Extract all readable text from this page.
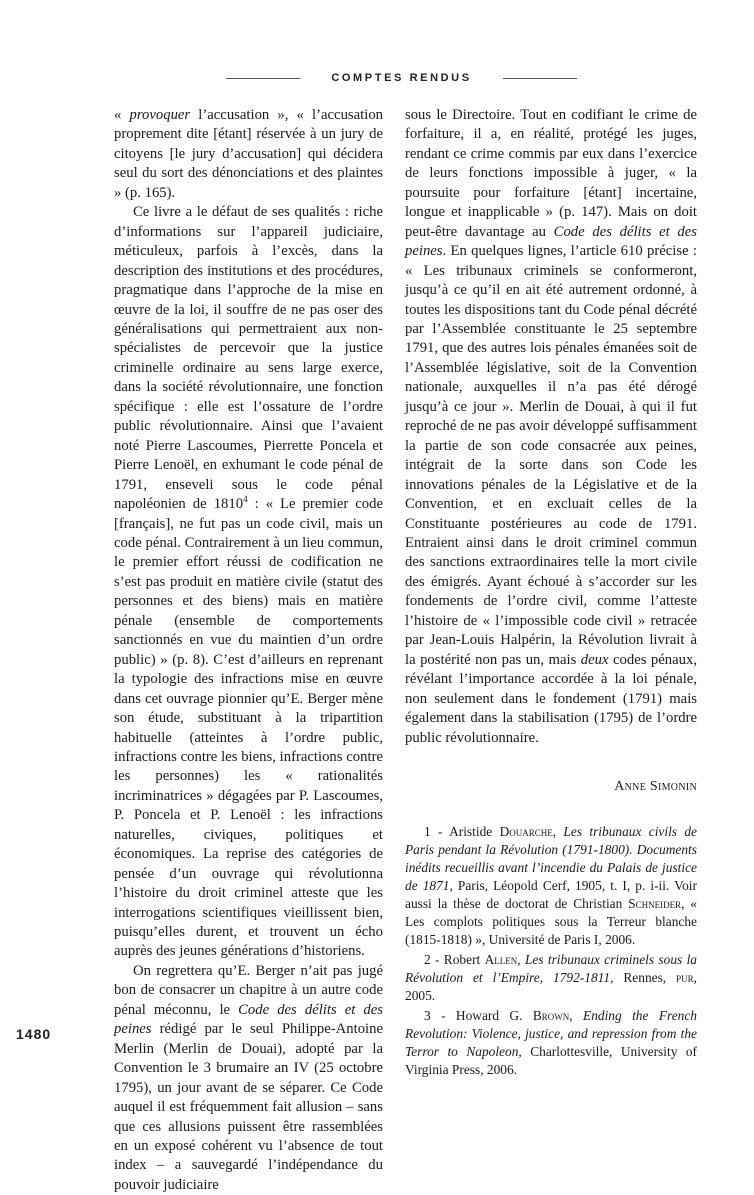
COMPTES RENDUS

« provoquer l’accusation », « l’accusation proprement dite [étant] réservée à un jury de citoyens [le jury d’accusation] qui décidera seul du sort des dénonciations et des plaintes » (p. 165).

Ce livre a le défaut de ses qualités : riche d’informations sur l’appareil judiciaire, méticuleux, parfois à l’excès, dans la description des institutions et des procédures, pragmatique dans l’approche de la mise en œuvre de la loi, il souffre de ne pas oser des généralisations qui permettraient aux non-spécialistes de percevoir que la justice criminelle ordinaire au sens large exerce, dans la société révolutionnaire, une fonction spécifique : elle est l’ossature de l’ordre public révolutionnaire. Ainsi que l’avaient noté Pierre Lascoumes, Pierrette Poncela et Pierre Lenoël, en exhumant le code pénal de 1791, enseveli sous le code pénal napoléonien de 1810$^4$ : « Le premier code [français], ne fut pas un code civil, mais un code pénal. Contrairement à un lieu commun, le premier effort réussi de codification ne s’est pas produit en matière civile (statut des personnes et des biens) mais en matière pénale (ensemble de comportements sanctionnés en vue du maintien d’un ordre public) » (p. 8). C’est d’ailleurs en reprenant la typologie des infractions mise en œuvre dans cet ouvrage pionnier qu’E. Berger mène son étude, substituant à la tripartition habituelle (atteintes à l’ordre public, infractions contre les biens, infractions contre les personnes) les « rationalités incriminatrices » dégagées par P. Lascoumes, P. Poncela et P. Lenoël : les infractions naturelles, civiques, politiques et économiques. La reprise des catégories de pensée d’un ouvrage qui révolutionna l’histoire du droit criminel atteste que les interrogations scientifiques vieillissent bien, puisqu’elles durent, et trouvent un écho auprès des jeunes générations d’historiens.

On regrettera qu’E. Berger n’ait pas jugé bon de consacrer un chapitre à un autre code pénal méconnu, le Code des délits et des peines rédigé par le seul Philippe-Antoine Merlin (Merlin de Douai), adopté par la Convention le 3 brumaire an IV (25 octobre 1795), un jour avant de se séparer. Ce Code auquel il est fréquemment fait allusion – sans que ces allusions puissent être rassemblées en un exposé cohérent vu l’absence de tout index – a sauvegardé l’indépendance du pouvoir judiciaire

sous le Directoire. Tout en codifiant le crime de forfaiture, il a, en réalité, protégé les juges, rendant ce crime commis par eux dans l’exercice de leurs fonctions impossible à juger, « la poursuite pour forfaiture [étant] incertaine, longue et inapplicable » (p. 147). Mais on doit peut-être davantage au Code des délits et des peines. En quelques lignes, l’article 610 précise : « Les tribunaux criminels se conformeront, jusqu’à ce qu’il en ait été autrement ordonné, à toutes les dispositions tant du Code pénal décrété par l’Assemblée constituante le 25 septembre 1791, que des autres lois pénales émanées soit de l’Assemblée législative, soit de la Convention nationale, auxquelles il n’a pas été dérogé jusqu’à ce jour ». Merlin de Douai, à qui il fut reproché de ne pas avoir développé suffisamment la partie de son code consacrée aux peines, intégrait de la sorte dans son Code les innovations pénales de la Législative et de la Convention, et en excluait celles de la Constituante postérieures au code de 1791. Entraient ainsi dans le droit criminel commun des sanctions extraordinaires telle la mort civile des émigrés. Ayant échoué à s’accorder sur les fondements de l’ordre civil, comme l’atteste l’histoire de « l’impossible code civil » retracée par Jean-Louis Halpérin, la Révolution livrait à la postérité non pas un, mais deux codes pénaux, révélant l’importance accordée à la loi pénale, non seulement dans le fondement (1791) mais également dans la stabilisation (1795) de l’ordre public révolutionnaire.

Anne Simonin

1 - Aristide Douarche, Les tribunaux civils de Paris pendant la Révolution (1791-1800). Documents inédits recueillis avant l’incendie du Palais de justice de 1871, Paris, Léopold Cerf, 1905, t. I, p. i-ii. Voir aussi la thèse de doctorat de Christian Schneider, « Les complots politiques sous la Terreur blanche (1815-1818) », Université de Paris I, 2006.

2 - Robert Allen, Les tribunaux criminels sous la Révolution et l’Empire, 1792-1811, Rennes, pur, 2005.

3 - Howard G. Brown, Ending the French Revolution: Violence, justice, and repression from the Terror to Napoleon, Charlottesville, University of Virginia Press, 2006.

1480
